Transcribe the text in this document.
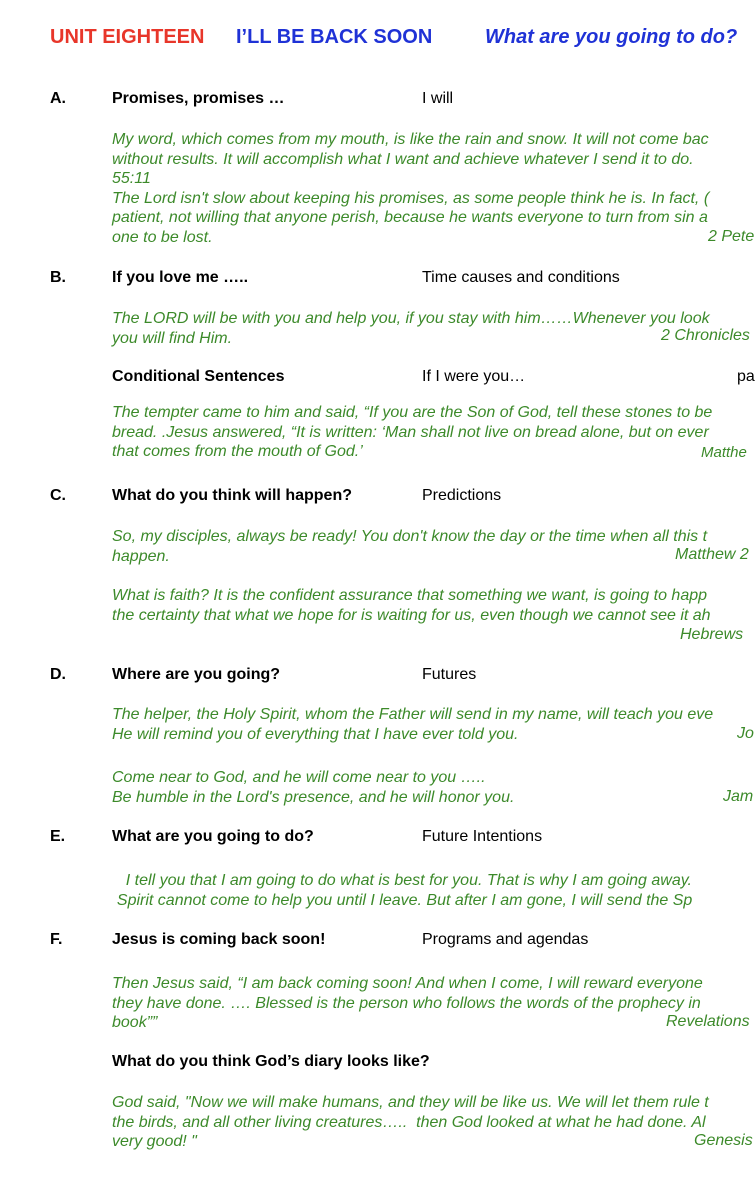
UNIT EIGHTEEN I’LL BE BACK SOON	What are you going to do?
A.	Promises, promises …	I will
My word, which comes from my mouth, is like the rain and snow. It will not come bac
without results. It will accomplish what I want and achieve whatever I send it to do.
55:11
The Lord isn't slow about keeping his promises, as some people think he is. In fact, (
patient, not willing that anyone perish, because he wants everyone to turn from sin a
one to be lost.	2 Pete
B.	If you love me …..	Time causes and conditions
The LORD will be with you and help you, if you stay with him……Whenever you look
you will find Him.	2 Chronicles
Conditional Sentences	If I were you…	pa
The tempter came to him and said, “If you are the Son of God, tell these stones to be
bread. .Jesus answered, “It is written: ‘Man shall not live on bread alone, but on ever
that comes from the mouth of God.’	Matthe
C.	What do you think will happen?	Predictions
So, my disciples, always be ready! You don't know the day or the time when all this t
happen.	Matthew 2
What is faith? It is the confident assurance that something we want, is going to happ
the certainty that what we hope for is waiting for us, even though we cannot see it ah
Hebrews
D.	Where are you going?	Futures
The helper, the Holy Spirit, whom the Father will send in my name, will teach you eve
He will remind you of everything that I have ever told you.	Jo
Come near to God, and he will come near to you …..
Be humble in the Lord's presence, and he will honor you.	Jam
E.	What are you going to do?	Future Intentions
I tell you that I am going to do what is best for you. That is why I am going away.
Spirit cannot come to help you until I leave. But after I am gone, I will send the Sp
F.	Jesus is coming back soon!	Programs and agendas
Then Jesus said, “I am back coming soon! And when I come, I will reward everyone
they have done. …. Blessed is the person who follows the words of the prophecy in
book””	Revelations
What do you think God’s diary looks like?
God said, "Now we will make humans, and they will be like us. We will let them rule t
the birds, and all other living creatures…..  then God looked at what he had done. Al
very good! "	Genesis
